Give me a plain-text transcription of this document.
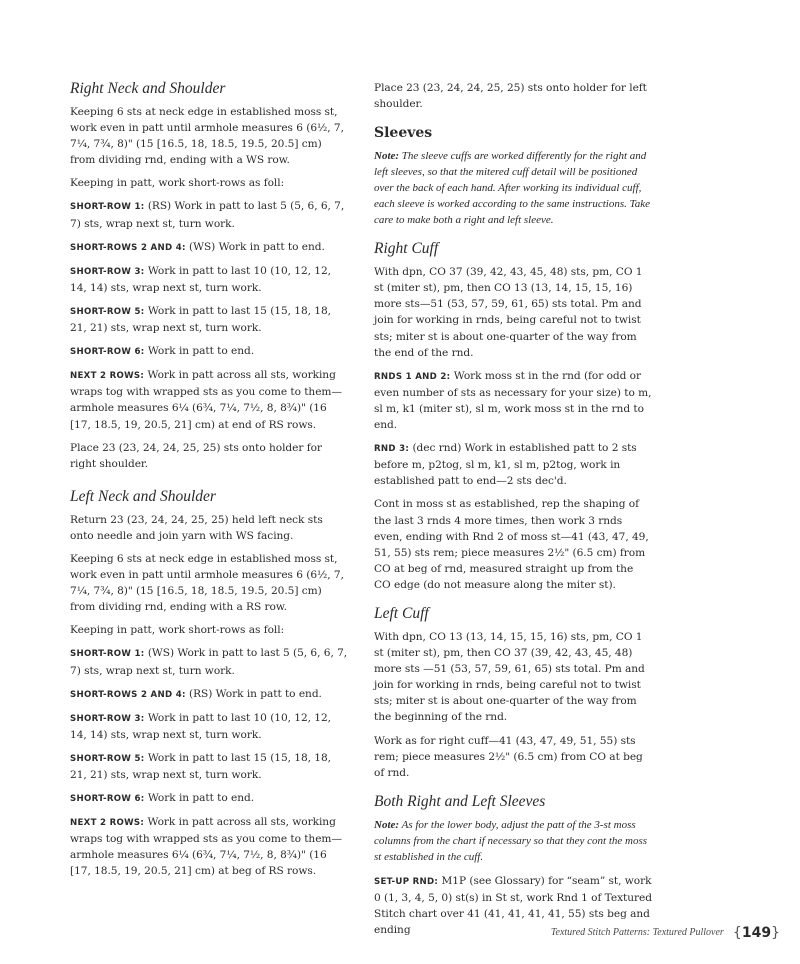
Right Neck and Shoulder

Keeping 6 sts at neck edge in established moss st, work even in patt until armhole measures 6 (6½, 7, 7¼, 7¾, 8)" (15 [16.5, 18, 18.5, 19.5, 20.5] cm) from dividing rnd, ending with a WS row.

Keeping in patt, work short-rows as foll:

SHORT-ROW 1: (RS) Work in patt to last 5 (5, 6, 6, 7, 7) sts, wrap next st, turn work.

SHORT-ROWS 2 AND 4: (WS) Work in patt to end.

SHORT-ROW 3: Work in patt to last 10 (10, 12, 12, 14, 14) sts, wrap next st, turn work.

SHORT-ROW 5: Work in patt to last 15 (15, 18, 18, 21, 21) sts, wrap next st, turn work.

SHORT-ROW 6: Work in patt to end.

NEXT 2 ROWS: Work in patt across all sts, working wraps tog with wrapped sts as you come to them—armhole measures 6¼ (6¾, 7¼, 7½, 8, 8¾)" (16 [17, 18.5, 19, 20.5, 21] cm) at end of RS rows.

Place 23 (23, 24, 24, 25, 25) sts onto holder for right shoulder.

Left Neck and Shoulder

Return 23 (23, 24, 24, 25, 25) held left neck sts onto needle and join yarn with WS facing.

Keeping 6 sts at neck edge in established moss st, work even in patt until armhole measures 6 (6½, 7, 7¼, 7¾, 8)" (15 [16.5, 18, 18.5, 19.5, 20.5] cm) from dividing rnd, ending with a RS row.

Keeping in patt, work short-rows as foll:

SHORT-ROW 1: (WS) Work in patt to last 5 (5, 6, 6, 7, 7) sts, wrap next st, turn work.

SHORT-ROWS 2 AND 4: (RS) Work in patt to end.

SHORT-ROW 3: Work in patt to last 10 (10, 12, 12, 14, 14) sts, wrap next st, turn work.

SHORT-ROW 5: Work in patt to last 15 (15, 18, 18, 21, 21) sts, wrap next st, turn work.

SHORT-ROW 6: Work in patt to end.

NEXT 2 ROWS: Work in patt across all sts, working wraps tog with wrapped sts as you come to them—armhole measures 6¼ (6¾, 7¼, 7½, 8, 8¾)" (16 [17, 18.5, 19, 20.5, 21] cm) at beg of RS rows.

Place 23 (23, 24, 24, 25, 25) sts onto holder for left shoulder.

Sleeves

Note: The sleeve cuffs are worked differently for the right and left sleeves, so that the mitered cuff detail will be positioned over the back of each hand. After working its individual cuff, each sleeve is worked according to the same instructions. Take care to make both a right and left sleeve.

Right Cuff

With dpn, CO 37 (39, 42, 43, 45, 48) sts, pm, CO 1 st (miter st), pm, then CO 13 (13, 14, 15, 15, 16) more sts—51 (53, 57, 59, 61, 65) sts total. Pm and join for working in rnds, being careful not to twist sts; miter st is about one-quarter of the way from the end of the rnd.

RNDS 1 AND 2: Work moss st in the rnd (for odd or even number of sts as necessary for your size) to m, sl m, k1 (miter st), sl m, work moss st in the rnd to end.

RND 3: (dec rnd) Work in established patt to 2 sts before m, p2tog, sl m, k1, sl m, p2tog, work in established patt to end—2 sts dec'd.

Cont in moss st as established, rep the shaping of the last 3 rnds 4 more times, then work 3 rnds even, ending with Rnd 2 of moss st—41 (43, 47, 49, 51, 55) sts rem; piece measures 2½" (6.5 cm) from CO at beg of rnd, measured straight up from the CO edge (do not measure along the miter st).

Left Cuff

With dpn, CO 13 (13, 14, 15, 15, 16) sts, pm, CO 1 st (miter st), pm, then CO 37 (39, 42, 43, 45, 48) more sts —51 (53, 57, 59, 61, 65) sts total. Pm and join for working in rnds, being careful not to twist sts; miter st is about one-quarter of the way from the beginning of the rnd.

Work as for right cuff—41 (43, 47, 49, 51, 55) sts rem; piece measures 2½" (6.5 cm) from CO at beg of rnd.

Both Right and Left Sleeves

Note: As for the lower body, adjust the patt of the 3-st moss columns from the chart if necessary so that they cont the moss st established in the cuff.

SET-UP RND: M1P (see Glossary) for “seam” st, work 0 (1, 3, 4, 5, 0) st(s) in St st, work Rnd 1 of Textured Stitch chart over 41 (41, 41, 41, 41, 55) sts beg and ending	Textured Stitch Patterns: Textured Pullover {149}
